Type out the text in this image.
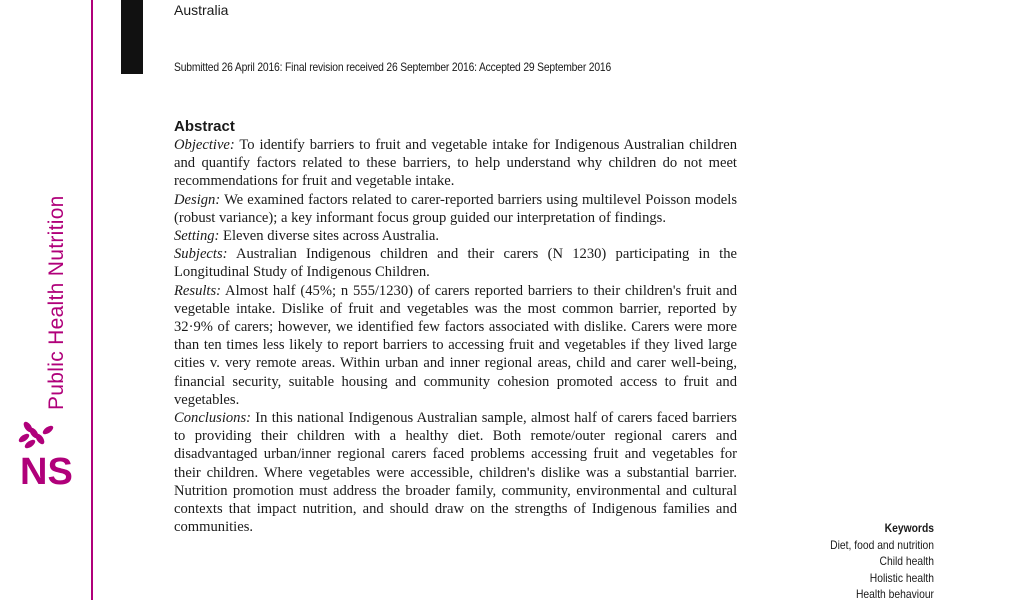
Australia
Submitted 26 April 2016: Final revision received 26 September 2016: Accepted 29 September 2016
Public Health Nutrition
NS
Abstract

Objective: To identify barriers to fruit and vegetable intake for Indigenous Australian children and quantify factors related to these barriers, to help understand why children do not meet recommendations for fruit and vegetable intake.

Design: We examined factors related to carer-reported barriers using multilevel Poisson models (robust variance); a key informant focus group guided our interpretation of findings.

Setting: Eleven diverse sites across Australia.

Subjects: Australian Indigenous children and their carers (N 1230) participating in the Longitudinal Study of Indigenous Children.

Results: Almost half (45%; n 555/1230) of carers reported barriers to their children's fruit and vegetable intake. Dislike of fruit and vegetables was the most common barrier, reported by 32·9% of carers; however, we identified few factors associated with dislike. Carers were more than ten times less likely to report barriers to accessing fruit and vegetables if they lived large cities v. very remote areas. Within urban and inner regional areas, child and carer well-being, financial security, suitable housing and community cohesion promoted access to fruit and vegetables.

Conclusions: In this national Indigenous Australian sample, almost half of carers faced barriers to providing their children with a healthy diet. Both remote/outer regional carers and disadvantaged urban/inner regional carers faced problems accessing fruit and vegetables for their children. Where vegetables were accessible, children's dislike was a substantial barrier. Nutrition promotion must address the broader family, community, environmental and cultural contexts that impact nutrition, and should draw on the strengths of Indigenous families and communities.	Keywords
Diet, food and nutrition
Child health
Holistic health
Health behaviour
